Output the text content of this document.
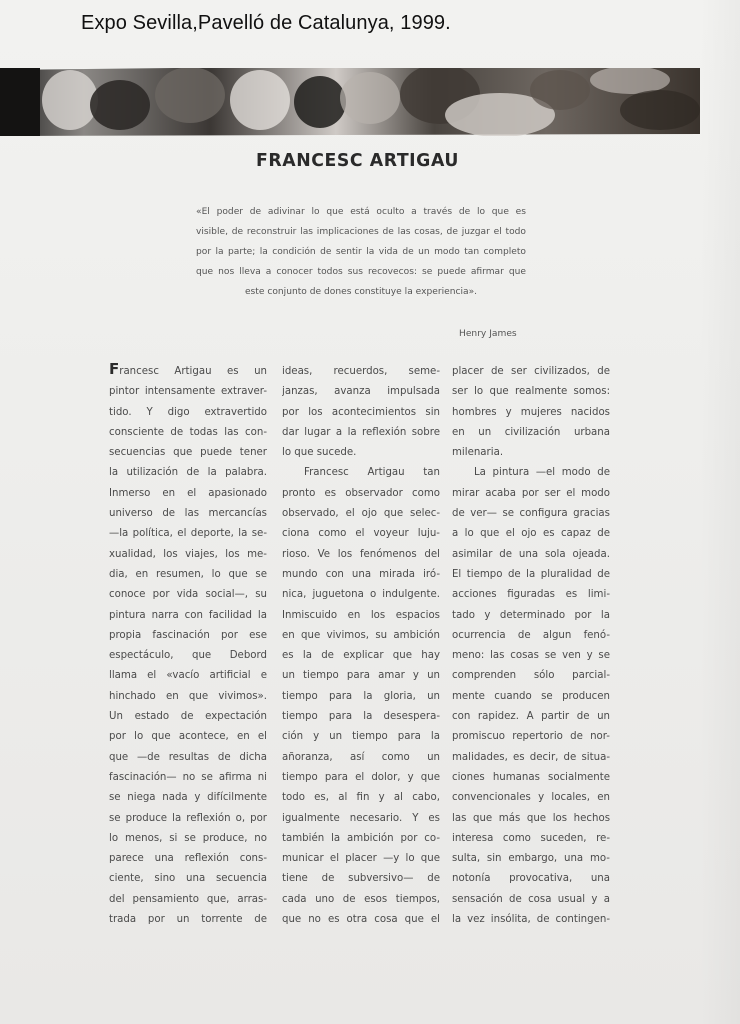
Expo Sevilla,Pavelló de Catalunya, 1999.
FRANCESC ARTIGAU
«El poder de adivinar lo que está oculto a través de lo que es
visible, de reconstruir las implicaciones de las cosas, de juzgar el todo
por la parte; la condición de sentir la vida de un modo tan completo
que nos lleva a conocer todos sus recovecos: se puede afirmar que
este conjunto de dones constituye la experiencia».
Henry James
Francesc Artigau es un
pintor intensamente extraver-
tido. Y digo extravertido
consciente de todas las con-
secuencias que puede tener
la utilización de la palabra.
Inmerso en el apasionado
universo de las mercancías
—la política, el deporte, la se-
xualidad, los viajes, los me-
dia, en resumen, lo que se
conoce por vida social—, su
pintura narra con facilidad la
propia fascinación por ese
espectáculo, que Debord
llama el «vacío artificial e
hinchado en que vivimos».
Un estado de expectación
por lo que acontece, en el
que —de resultas de dicha
fascinación— no se afirma ni
se niega nada y difícilmente
se produce la reflexión o, por
lo menos, si se produce, no
parece una reflexión cons-
ciente, sino una secuencia
del pensamiento que, arras-
trada por un torrente de
ideas, recuerdos, seme-
janzas, avanza impulsada
por los acontecimientos sin
dar lugar a la reflexión sobre
lo que sucede.
Francesc Artigau tan
pronto es observador como
observado, el ojo que selec-
ciona como el voyeur luju-
rioso. Ve los fenómenos del
mundo con una mirada iró-
nica, juguetona o indulgente.
Inmiscuido en los espacios
en que vivimos, su ambición
es la de explicar que hay
un tiempo para amar y un
tiempo para la gloria, un
tiempo para la desespera-
ción y un tiempo para la
añoranza, así como un
tiempo para el dolor, y que
todo es, al fin y al cabo,
igualmente necesario. Y es
también la ambición por co-
municar el placer —y lo que
tiene de subversivo— de
cada uno de esos tiempos,
que no es otra cosa que el
placer de ser civilizados, de
ser lo que realmente somos:
hombres y mujeres nacidos
en un civilización urbana
milenaria.
La pintura —el modo de
mirar acaba por ser el modo
de ver— se configura gracias
a lo que el ojo es capaz de
asimilar de una sola ojeada.
El tiempo de la pluralidad de
acciones figuradas es limi-
tado y determinado por la
ocurrencia de algun fenó-
meno: las cosas se ven y se
comprenden sólo parcial-
mente cuando se producen
con rapidez. A partir de un
promiscuo repertorio de nor-
malidades, es decir, de situa-
ciones humanas socialmente
convencionales y locales, en
las que más que los hechos
interesa como suceden, re-
sulta, sin embargo, una mo-
notonía provocativa, una
sensación de cosa usual y a
la vez insólita, de contingen-
